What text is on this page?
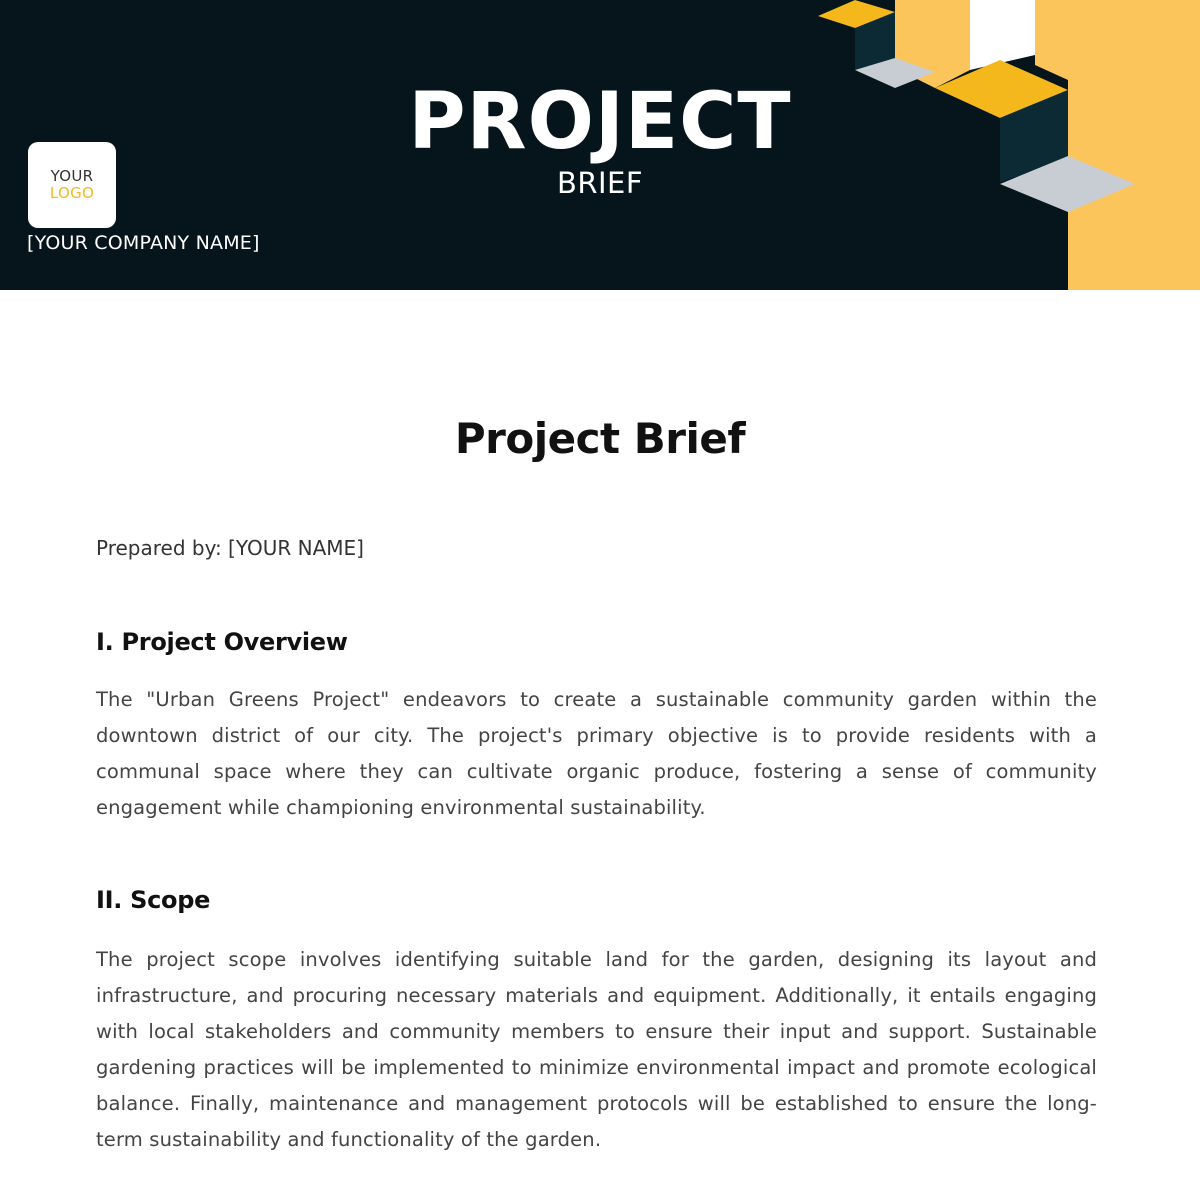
YOUR
LOGO
[YOUR COMPANY NAME]
PROJECT
BRIEF
Project Brief
Prepared by: [YOUR NAME]
I. Project Overview

The "Urban Greens Project" endeavors to create a sustainable community garden within the downtown district of our city. The project's primary objective is to provide residents with a communal space where they can cultivate organic produce, fostering a sense of community engagement while championing environmental sustainability.

II. Scope

The project scope involves identifying suitable land for the garden, designing its layout and infrastructure, and procuring necessary materials and equipment. Additionally, it entails engaging with local stakeholders and community members to ensure their input and support. Sustainable gardening practices will be implemented to minimize environmental impact and promote ecological balance. Finally, maintenance and management protocols will be established to ensure the long-term sustainability and functionality of the garden.
